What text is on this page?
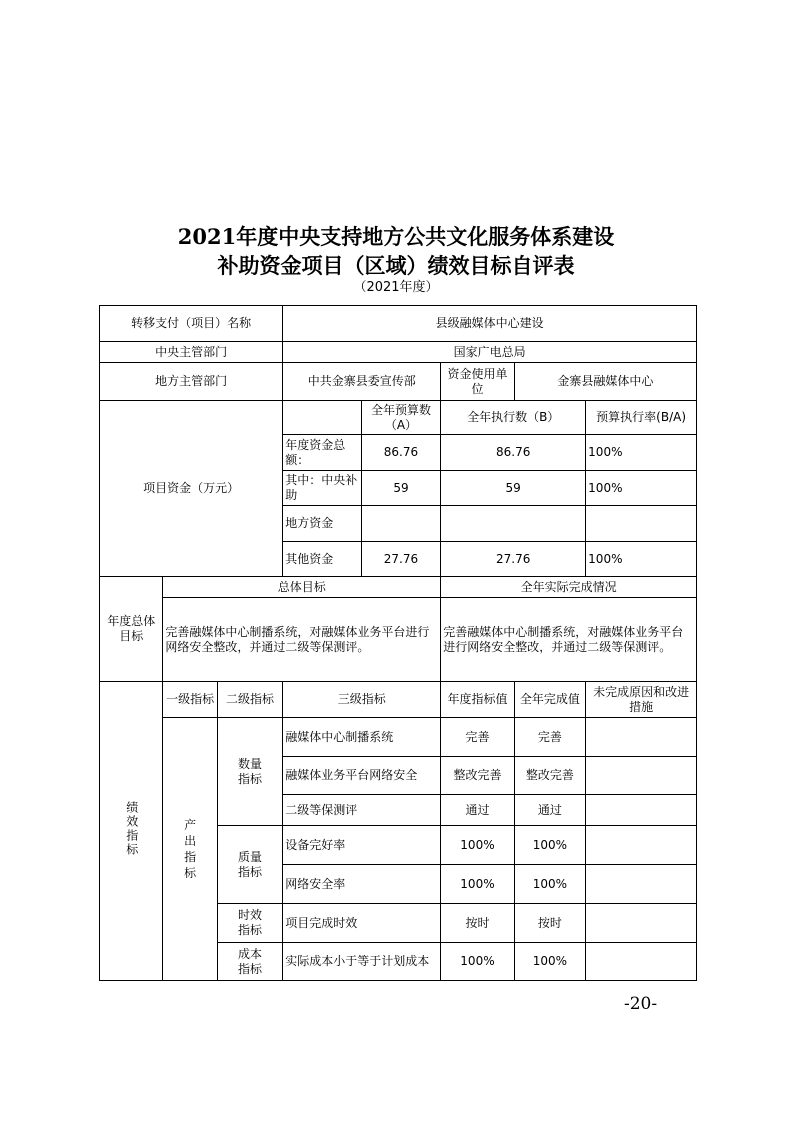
2021年度中央支持地方公共文化服务体系建设
补助资金项目（区域）绩效目标自评表
（2021年度）
转移支付（项目）名称			县级融媒体中心建设				
中央主管部门			国家广电总局				
地方主管部门			中共金寨县委宣传部		资金使用单位	金寨县融媒体中心	
项目资金（万元）				全年预算数（A）	全年执行数（B）		预算执行率(B/A)
			年度资金总额：	86.76	86.76		100%
			其中：中央补助	59	59		100%
			地方资金				
			其他资金	27.76	27.76		100%
年度总体目标	总体目标				全年实际完成情况		
	完善融媒体中心制播系统，对融媒体业务平台进行网络安全整改，并通过二级等保测评。				完善融媒体中心制播系统，对融媒体业务平台进行网络安全整改，并通过二级等保测评。		
绩效指标	一级指标	二级指标	三级指标		年度指标值	全年完成值	未完成原因和改进措施

	产出指标	数量指标	融媒体中心制播系统		完善	完善	
			融媒体业务平台网络安全		整改完善	整改完善	
			二级等保测评		通过	通过	

		质量指标	设备完好率		100%	100%	
			网络安全率		100%	100%	

		时效指标	项目完成时效		按时	按时	

		成本指标	实际成本小于等于计划成本		100%	100%	
-20-
